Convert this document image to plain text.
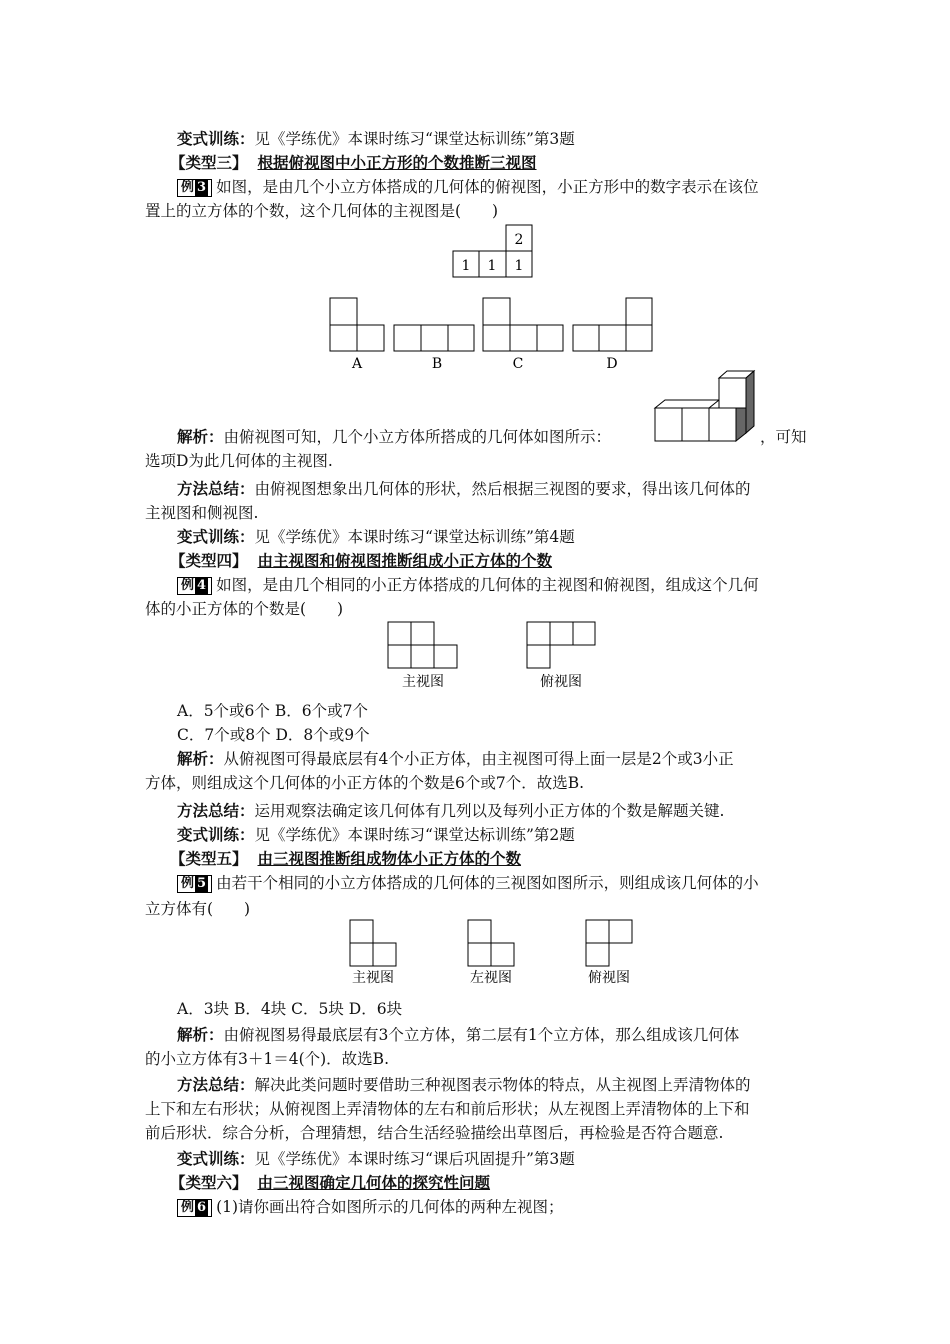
变式训练：见《学练优》本课时练习“课堂达标训练”第3题
【类型三】 根据俯视图中小正方形的个数推断三视图
例 3 如图，是由几个小立方体搭成的几何体的俯视图，小正方形中的数字表示在该位
置上的立方体的个数，这个几何体的主视图是(　　)
2
1 1 1
A	B	C	D
解析：由俯视图可知，几个小立方体所搭成的几何体如图所示：	，可知
选项D为此几何体的主视图.
方法总结：由俯视图想象出几何体的形状，然后根据三视图的要求，得出该几何体的
主视图和侧视图.
变式训练：见《学练优》本课时练习“课堂达标训练”第4题
【类型四】 由主视图和俯视图推断组成小正方体的个数
例 4 如图，是由几个相同的小正方体搭成的几何体的主视图和俯视图，组成这个几何
体的小正方体的个数是(　　)
主视图	俯视图
A．5个或6个 B．6个或7个
C．7个或8个 D．8个或9个
解析：从俯视图可得最底层有4个小正方体，由主视图可得上面一层是2个或3小正
方体，则组成这个几何体的小正方体的个数是6个或7个．故选B.
方法总结：运用观察法确定该几何体有几列以及每列小正方体的个数是解题关键.
变式训练：见《学练优》本课时练习“课堂达标训练”第2题
【类型五】 由三视图推断组成物体小正方体的个数
例 5 由若干个相同的小立方体搭成的几何体的三视图如图所示，则组成该几何体的小
立方体有(　　)
主视图	左视图	俯视图
A．3块 B．4块 C．5块 D．6块
解析：由俯视图易得最底层有3个立方体，第二层有1个立方体，那么组成该几何体
的小立方体有3＋1＝4(个)．故选B.
方法总结：解决此类问题时要借助三种视图表示物体的特点，从主视图上弄清物体的
上下和左右形状；从俯视图上弄清物体的左右和前后形状；从左视图上弄清物体的上下和
前后形状．综合分析，合理猜想，结合生活经验描绘出草图后，再检验是否符合题意.
变式训练：见《学练优》本课时练习“课后巩固提升”第3题
【类型六】 由三视图确定几何体的探究性问题
例 6 (1)请你画出符合如图所示的几何体的两种左视图；
